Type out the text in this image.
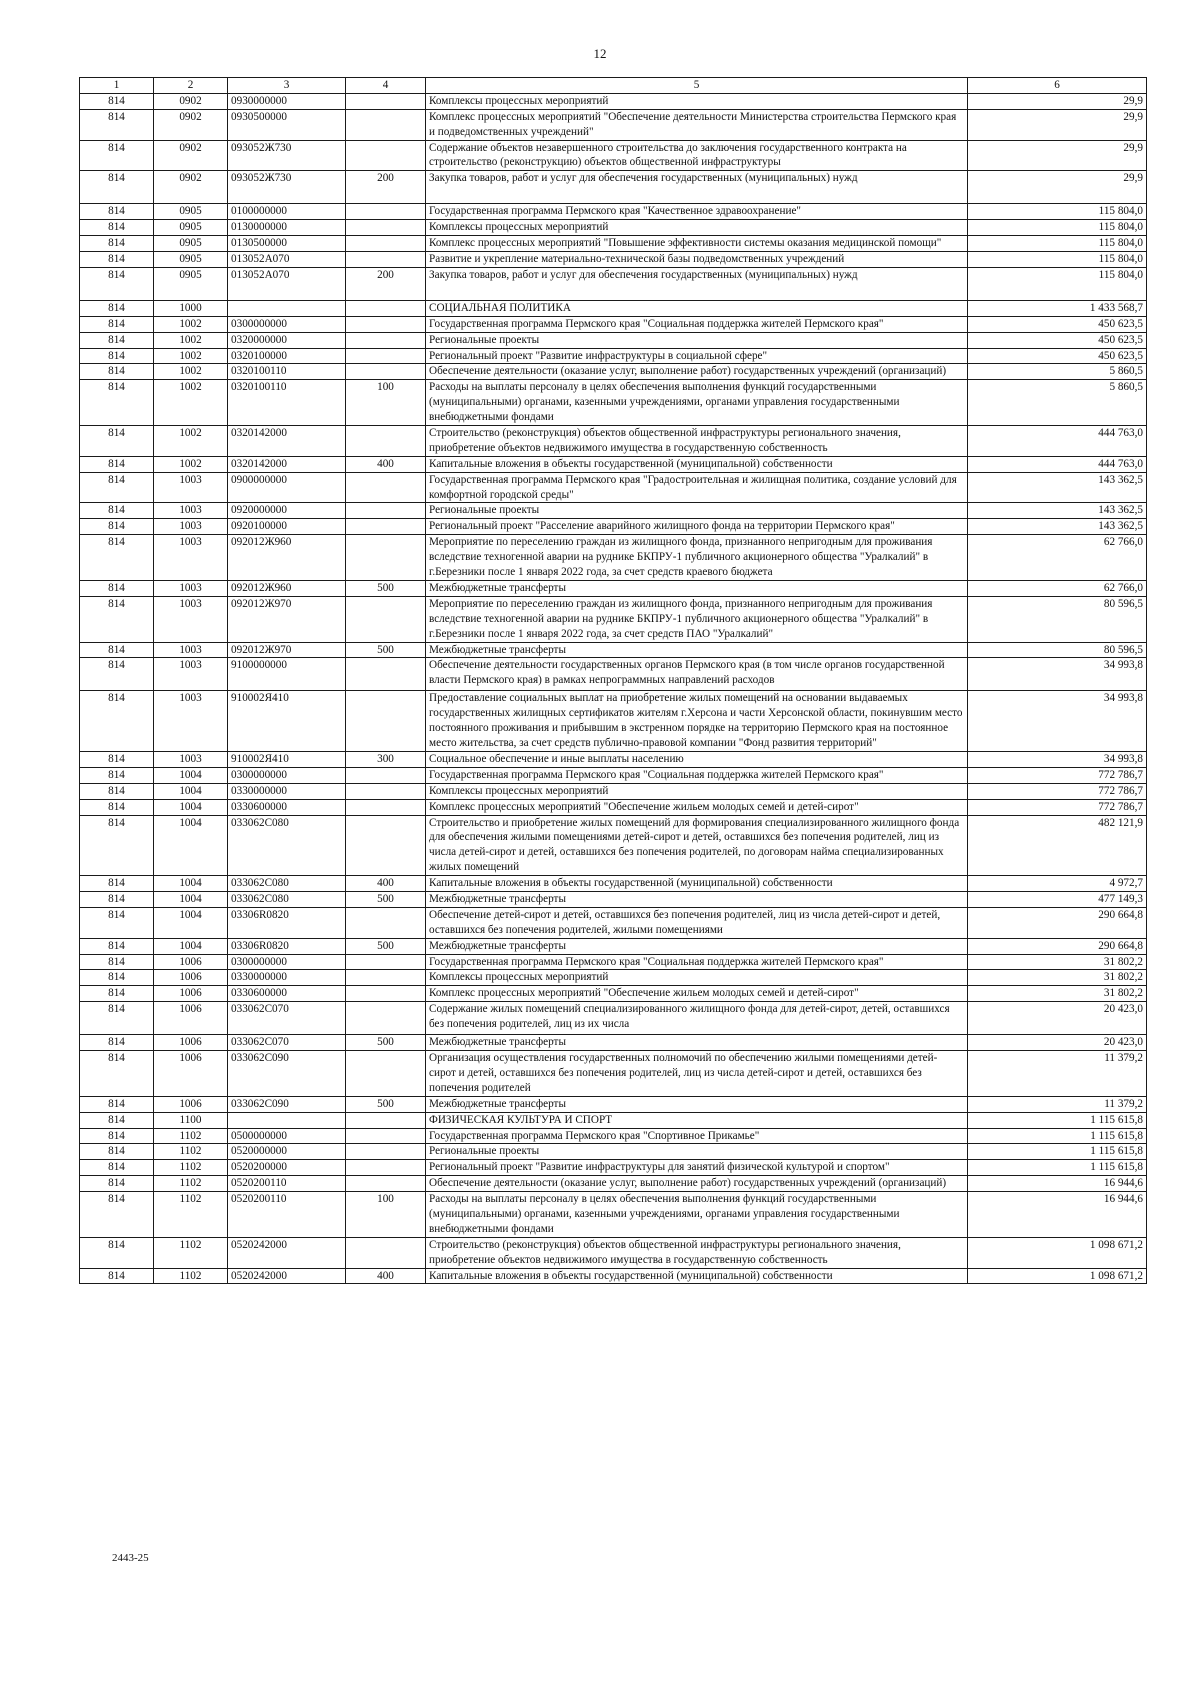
12
1	2	3	4	5	6
814	0902	0930000000		Комплексы процессных мероприятий	29,9
814	0902	0930500000		Комплекс процессных мероприятий "Обеспечение деятельности Министерства строительства Пермского края и подведомственных учреждений"	29,9
814	0902	093052Ж730		Содержание объектов незавершенного строительства до заключения государственного контракта на строительство (реконструкцию) объектов общественной инфраструктуры	29,9
814	0902	093052Ж730	200	Закупка товаров, работ и услуг для обеспечения государственных (муниципальных) нужд	29,9
814	0905	0100000000		Государственная программа Пермского края "Качественное здравоохранение"	115 804,0
814	0905	0130000000		Комплексы процессных мероприятий	115 804,0
814	0905	0130500000		Комплекс процессных мероприятий "Повышение эффективности системы оказания медицинской помощи"	115 804,0
814	0905	013052А070		Развитие и укрепление материально-технической базы подведомственных учреждений	115 804,0
814	0905	013052А070	200	Закупка товаров, работ и услуг для обеспечения государственных (муниципальных) нужд	115 804,0
814	1000			СОЦИАЛЬНАЯ ПОЛИТИКА	1 433 568,7
814	1002	0300000000		Государственная программа Пермского края "Социальная поддержка жителей Пермского края"	450 623,5
814	1002	0320000000		Региональные проекты	450 623,5
814	1002	0320100000		Региональный проект "Развитие инфраструктуры в социальной сфере"	450 623,5
814	1002	0320100110		Обеспечение деятельности (оказание услуг, выполнение работ) государственных учреждений (организаций)	5 860,5
814	1002	0320100110	100	Расходы на выплаты персоналу в целях обеспечения выполнения функций государственными (муниципальными) органами, казенными учреждениями, органами управления государственными внебюджетными фондами	5 860,5
814	1002	0320142000		Строительство (реконструкция) объектов общественной инфраструктуры регионального значения, приобретение объектов недвижимого имущества в государственную собственность	444 763,0
814	1002	0320142000	400	Капитальные вложения в объекты государственной (муниципальной) собственности	444 763,0
814	1003	0900000000		Государственная программа Пермского края "Градостроительная и жилищная политика, создание условий для комфортной городской среды"	143 362,5
814	1003	0920000000		Региональные проекты	143 362,5
814	1003	0920100000		Региональный проект "Расселение аварийного жилищного фонда на территории Пермского края"	143 362,5
814	1003	092012Ж960		Мероприятие по переселению граждан из жилищного фонда, признанного непригодным для проживания вследствие техногенной аварии на руднике БКПРУ-1 публичного акционерного общества "Уралкалий" в г.Березники после 1 января 2022 года, за счет средств краевого бюджета	62 766,0
814	1003	092012Ж960	500	Межбюджетные трансферты	62 766,0
814	1003	092012Ж970		Мероприятие по переселению граждан из жилищного фонда, признанного непригодным для проживания вследствие техногенной аварии на руднике БКПРУ-1 публичного акционерного общества "Уралкалий" в г.Березники после 1 января 2022 года, за счет средств ПАО "Уралкалий"	80 596,5
814	1003	092012Ж970	500	Межбюджетные трансферты	80 596,5
814	1003	9100000000		Обеспечение деятельности государственных органов Пермского края (в том числе органов государственной власти Пермского края) в рамках непрограммных направлений расходов	34 993,8
814	1003	910002Я410		Предоставление социальных выплат на приобретение жилых помещений на основании выдаваемых государственных жилищных сертификатов жителям г.Херсона и части Херсонской области, покинувшим место постоянного проживания и прибывшим в экстренном порядке на территорию Пермского края на постоянное место жительства, за счет средств публично-правовой компании "Фонд развития территорий"	34 993,8
814	1003	910002Я410	300	Социальное обеспечение и иные выплаты населению	34 993,8
814	1004	0300000000		Государственная программа Пермского края "Социальная поддержка жителей Пермского края"	772 786,7
814	1004	0330000000		Комплексы процессных мероприятий	772 786,7
814	1004	0330600000		Комплекс процессных мероприятий "Обеспечение жильем молодых семей и детей-сирот"	772 786,7
814	1004	033062С080		Строительство и приобретение жилых помещений для формирования специализированного жилищного фонда для обеспечения жилыми помещениями детей-сирот и детей, оставшихся без попечения родителей, лиц из числа детей-сирот и детей, оставшихся без попечения родителей, по договорам найма специализированных жилых помещений	482 121,9
814	1004	033062С080	400	Капитальные вложения в объекты государственной (муниципальной) собственности	4 972,7
814	1004	033062С080	500	Межбюджетные трансферты	477 149,3
814	1004	03306R0820		Обеспечение детей-сирот и детей, оставшихся без попечения родителей, лиц из числа детей-сирот и детей, оставшихся без попечения родителей, жилыми помещениями	290 664,8
814	1004	03306R0820	500	Межбюджетные трансферты	290 664,8
814	1006	0300000000		Государственная программа Пермского края "Социальная поддержка жителей Пермского края"	31 802,2
814	1006	0330000000		Комплексы процессных мероприятий	31 802,2
814	1006	0330600000		Комплекс процессных мероприятий "Обеспечение жильем молодых семей и детей-сирот"	31 802,2
814	1006	033062С070		Содержание жилых помещений специализированного жилищного фонда для детей-сирот, детей, оставшихся без попечения родителей, лиц из их числа	20 423,0
814	1006	033062С070	500	Межбюджетные трансферты	20 423,0
814	1006	033062С090		Организация осуществления государственных полномочий по обеспечению жилыми помещениями детей-сирот и детей, оставшихся без попечения родителей, лиц из числа детей-сирот и детей, оставшихся без попечения родителей	11 379,2
814	1006	033062С090	500	Межбюджетные трансферты	11 379,2
814	1100			ФИЗИЧЕСКАЯ КУЛЬТУРА И СПОРТ	1 115 615,8
814	1102	0500000000		Государственная программа Пермского края "Спортивное Прикамье"	1 115 615,8
814	1102	0520000000		Региональные проекты	1 115 615,8
814	1102	0520200000		Региональный проект "Развитие инфраструктуры для занятий физической культурой и спортом"	1 115 615,8
814	1102	0520200110		Обеспечение деятельности (оказание услуг, выполнение работ) государственных учреждений (организаций)	16 944,6
814	1102	0520200110	100	Расходы на выплаты персоналу в целях обеспечения выполнения функций государственными (муниципальными) органами, казенными учреждениями, органами управления государственными внебюджетными фондами	16 944,6
814	1102	0520242000		Строительство (реконструкция) объектов общественной инфраструктуры регионального значения, приобретение объектов недвижимого имущества в государственную собственность	1 098 671,2
814	1102	0520242000	400	Капитальные вложения в объекты государственной (муниципальной) собственности	1 098 671,2
2443-25
